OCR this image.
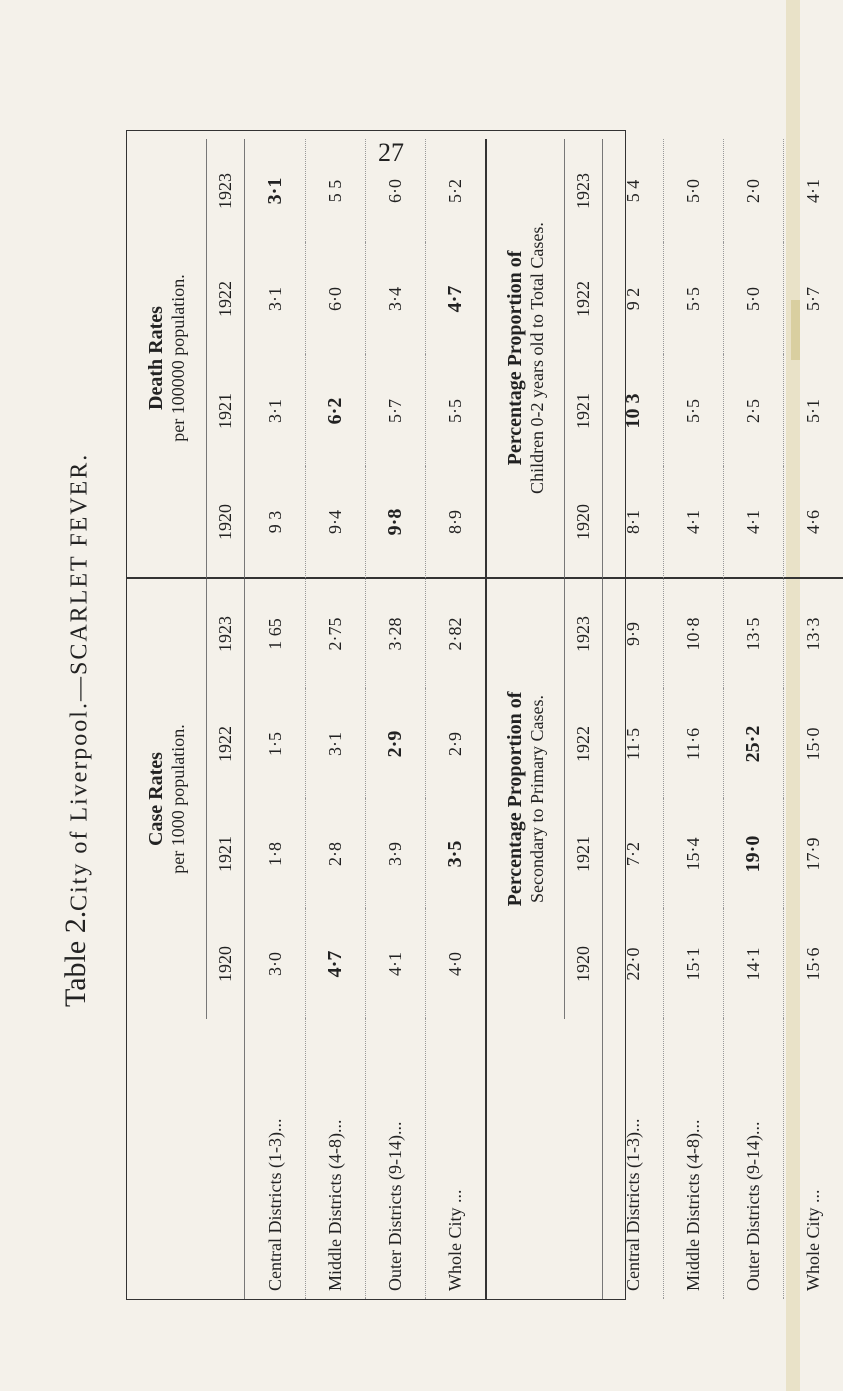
27
Table 2.
City of Liverpool.—SCARLET FEVER.	Case Rates per 1000 population.
1920
1921
1922
1923
Death Rates per 100000 population.
1920
1921
1922
1923
Central Districts (1-3)...
3·0
1·8
1·5
1 65
9 3
3·1
3·1
3·1
Middle Districts (4-8)...
4·7
2·8
3·1
2·75
9·4
6·2
6·0
5 5
Outer Districts (9-14)...
4·1
3·9
2·9
3·28
9·8
5·7
3·4
6·0
Whole City ...
4·0
3·5
2·9
2·82
8·9
5·5
4·7
5·2
Percentage Proportion of Secondary to Primary Cases.
1920
1921
1922
1923
Percentage Proportion of Children 0-2 years old to Total Cases.
1920
1921
1922
1923
Central Districts (1-3)...
22·0
7·2
11·5
9·9
8·1
10 3
9 2
5 4
Middle Districts (4-8)...
15·1
15·4
11·6
10·8
4·1
5·5
5·5
5·0
Outer Districts (9-14)...
14·1
19·0
25·2
13·5
4·1
2·5
5·0
2·0
Whole City ...
15·6
17·9
15·0
13·3
4·6
5·1
5·7
4·1
